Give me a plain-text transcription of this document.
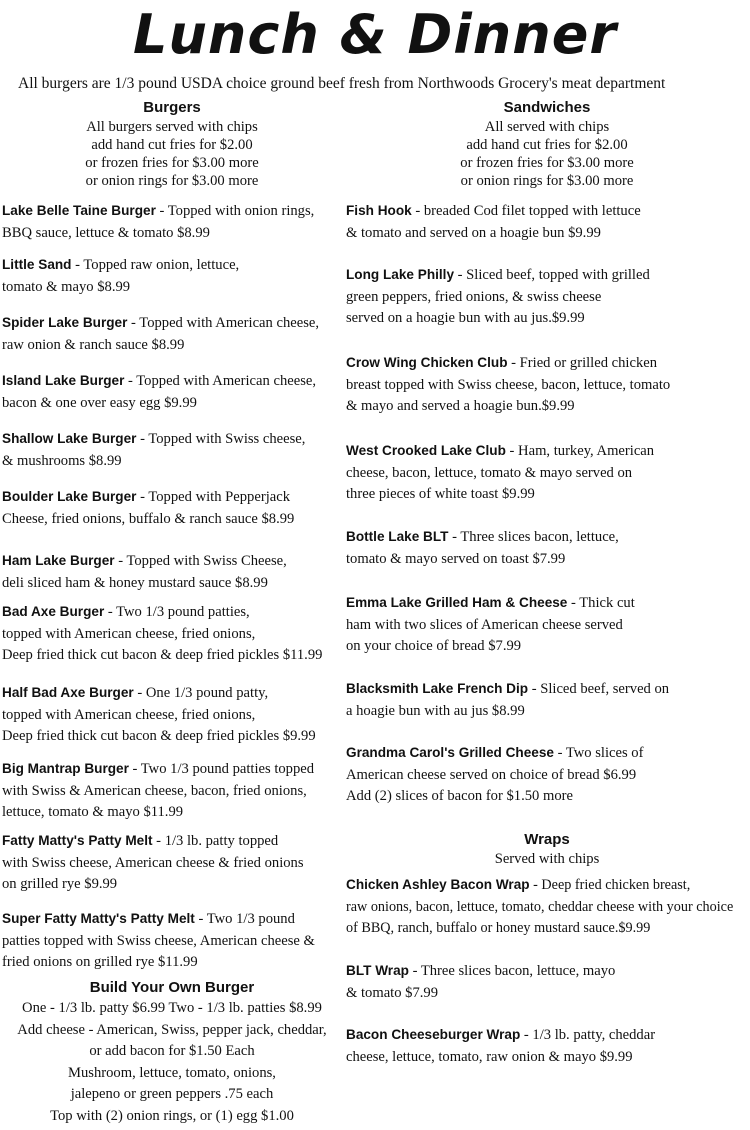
Lunch & Dinner
All burgers are 1/3 pound USDA choice ground beef fresh from Northwoods Grocery's meat department
Burgers
All burgers served with chips
add hand cut fries for $2.00
or frozen fries for $3.00 more
or onion rings for $3.00 more
Lake Belle Taine Burger - Topped with onion rings,
BBQ sauce, lettuce & tomato $8.99
Little Sand - Topped raw onion, lettuce,
tomato & mayo $8.99
Spider Lake Burger - Topped with American cheese,
raw onion & ranch sauce $8.99
Island Lake Burger - Topped with American cheese,
bacon & one over easy egg $9.99
Shallow Lake Burger - Topped with Swiss cheese,
& mushrooms $8.99
Boulder Lake Burger - Topped with Pepperjack
Cheese, fried onions, buffalo & ranch sauce $8.99
Ham Lake Burger - Topped with Swiss Cheese,
deli sliced ham & honey mustard sauce $8.99
Bad Axe Burger - Two 1/3 pound patties,
topped with American cheese, fried onions,
Deep fried thick cut bacon & deep fried pickles $11.99
Half Bad Axe Burger - One 1/3 pound patty,
topped with American cheese, fried onions,
Deep fried thick cut bacon & deep fried pickles $9.99
Big Mantrap Burger - Two 1/3 pound patties topped
with Swiss & American cheese, bacon, fried onions,
lettuce, tomato & mayo $11.99
Fatty Matty's Patty Melt - 1/3 lb. patty topped
with Swiss cheese, American cheese & fried onions
on grilled rye $9.99
Super Fatty Matty's Patty Melt - Two 1/3 pound
patties topped with Swiss cheese, American cheese &
fried onions on grilled rye $11.99
Build Your Own Burger
One - 1/3 lb. patty $6.99 Two - 1/3 lb. patties $8.99
Add cheese - American, Swiss, pepper jack, cheddar,
or add bacon for $1.50 Each
Mushroom, lettuce, tomato, onions,
jalepeno or green peppers .75 each
Top with (2) onion rings, or (1) egg $1.00
Sandwiches
All served with chips
add hand cut fries for $2.00
or frozen fries for $3.00 more
or onion rings for $3.00 more
Fish Hook - breaded Cod filet topped with lettuce
& tomato and served on a hoagie bun $9.99
Long Lake Philly - Sliced beef, topped with grilled
green peppers, fried onions, & swiss cheese
served on a hoagie bun with au jus.$9.99
Crow Wing Chicken Club - Fried or grilled chicken
breast topped with Swiss cheese, bacon, lettuce, tomato
& mayo and served a hoagie bun.$9.99
West Crooked Lake Club - Ham, turkey, American
cheese, bacon, lettuce, tomato & mayo served on
three pieces of white toast $9.99
Bottle Lake BLT - Three slices bacon, lettuce,
tomato & mayo served on toast $7.99
Emma Lake Grilled Ham & Cheese - Thick cut
ham with two slices of American cheese served
on your choice of bread $7.99
Blacksmith Lake French Dip - Sliced beef, served on
a hoagie bun with au jus $8.99
Grandma Carol's Grilled Cheese - Two slices of
American cheese served on choice of bread $6.99
Add (2) slices of bacon for $1.50 more
Wraps
Served with chips
Chicken Ashley Bacon Wrap - Deep fried chicken breast,
raw onions, bacon, lettuce, tomato, cheddar cheese with your choice
of BBQ, ranch, buffalo or honey mustard sauce.$9.99
BLT Wrap - Three slices bacon, lettuce, mayo
& tomato $7.99
Bacon Cheeseburger Wrap - 1/3 lb. patty, cheddar
cheese, lettuce, tomato, raw onion & mayo $9.99
